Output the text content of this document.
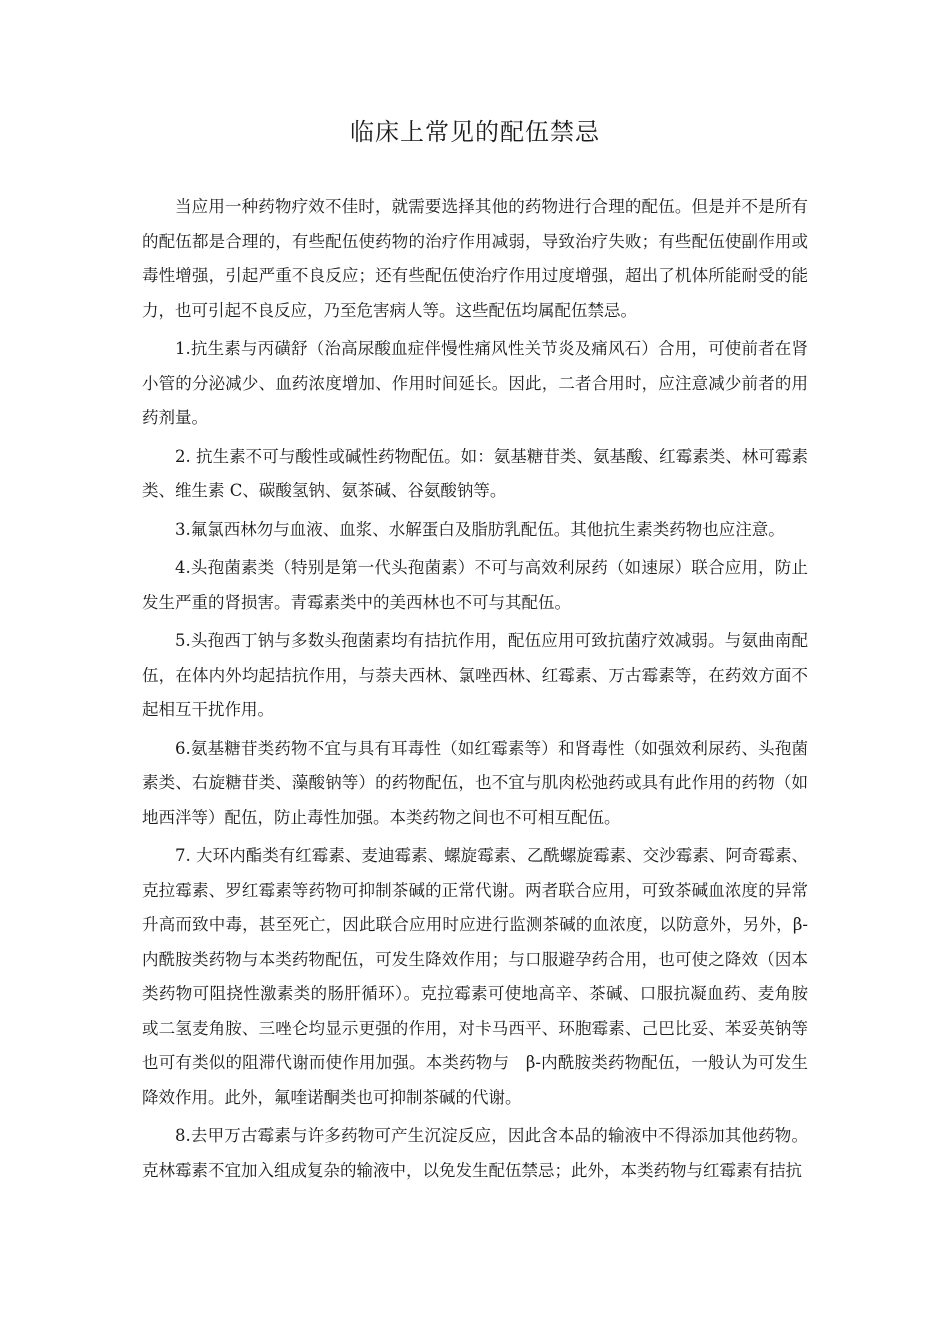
临床上常见的配伍禁忌

当应用一种药物疗效不佳时，就需要选择其他的药物进行合理的配伍。但是并不是所有的配伍都是合理的，有些配伍使药物的治疗作用减弱，导致治疗失败；有些配伍使副作用或毒性增强，引起严重不良反应；还有些配伍使治疗作用过度增强，超出了机体所能耐受的能力，也可引起不良反应，乃至危害病人等。这些配伍均属配伍禁忌。

1.抗生素与丙磺舒（治高尿酸血症伴慢性痛风性关节炎及痛风石）合用，可使前者在肾小管的分泌减少、血药浓度增加、作用时间延长。因此，二者合用时，应注意减少前者的用药剂量。

2. 抗生素不可与酸性或碱性药物配伍。如：氨基糖苷类、氨基酸、红霉素类、林可霉素类、维生素 C、碳酸氢钠、氨茶碱、谷氨酸钠等。

3.氟氯西林勿与血液、血浆、水解蛋白及脂肪乳配伍。其他抗生素类药物也应注意。

4.头孢菌素类（特别是第一代头孢菌素）不可与高效利尿药（如速尿）联合应用，防止发生严重的肾损害。青霉素类中的美西林也不可与其配伍。

5.头孢西丁钠与多数头孢菌素均有拮抗作用，配伍应用可致抗菌疗效减弱。与氨曲南配伍，在体内外均起拮抗作用，与萘夫西林、氯唑西林、红霉素、万古霉素等，在药效方面不起相互干扰作用。

6.氨基糖苷类药物不宜与具有耳毒性（如红霉素等）和肾毒性（如强效利尿药、头孢菌素类、右旋糖苷类、藻酸钠等）的药物配伍，也不宜与肌肉松弛药或具有此作用的药物（如地西泮等）配伍，防止毒性加强。本类药物之间也不可相互配伍。

7. 大环内酯类有红霉素、麦迪霉素、螺旋霉素、乙酰螺旋霉素、交沙霉素、阿奇霉素、克拉霉素、罗红霉素等药物可抑制茶碱的正常代谢。两者联合应用，可致茶碱血浓度的异常升高而致中毒，甚至死亡，因此联合应用时应进行监测茶碱的血浓度，以防意外，另外，β-内酰胺类药物与本类药物配伍，可发生降效作用；与口服避孕药合用，也可使之降效（因本类药物可阻挠性激素类的肠肝循环）。克拉霉素可使地高辛、茶碱、口服抗凝血药、麦角胺或二氢麦角胺、三唑仑均显示更强的作用，对卡马西平、环胞霉素、己巴比妥、苯妥英钠等也可有类似的阻滞代谢而使作用加强。本类药物与　β-内酰胺类药物配伍，一般认为可发生降效作用。此外，氟喹诺酮类也可抑制茶碱的代谢。

8.去甲万古霉素与许多药物可产生沉淀反应，因此含本品的输液中不得添加其他药物。克林霉素不宜加入组成复杂的输液中，以免发生配伍禁忌；此外，本类药物与红霉素有拮抗
